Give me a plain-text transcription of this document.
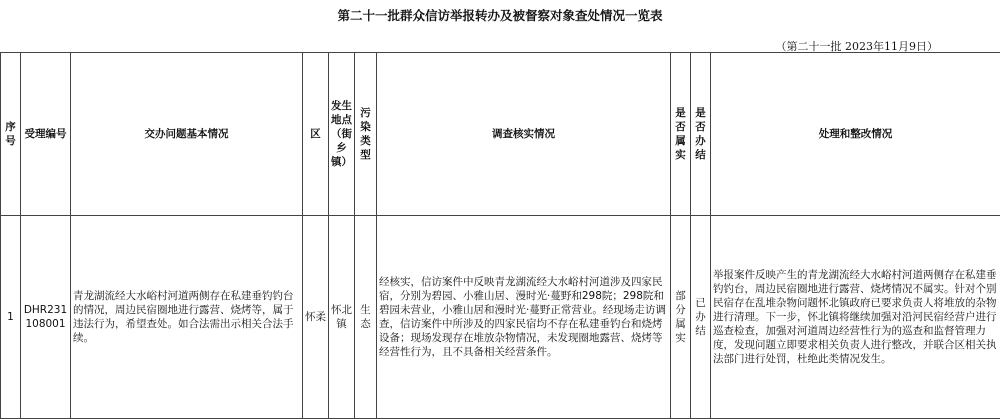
第二十一批群众信访举报转办及被督察对象查处情况一览表
（第二十一批 2023年11月9日）
序号	受理编号	交办问题基本情况	区	发生地点（街乡镇）	污染类型	调查核实情况	是否属实	是否办结	处理和整改情况
1	DHR231108001	青龙湖流经大水峪村河道两侧存在私建垂钓钓台的情况，周边民宿圈地进行露营、烧烤等，属于违法行为，希望查处。如合法需出示相关合法手续。	怀柔	怀北镇	生态	经核实，信访案件中反映青龙湖流经大水峪村河道涉及四家民宿，分别为碧园、小雅山居、漫时光·蔓野和298院；298院和碧园未营业，小雅山居和漫时光·蔓野正常营业。经现场走访调查，信访案件中所涉及的四家民宿均不存在私建垂钓台和烧烤设备；现场发现存在堆放杂物情况，未发现圈地露营、烧烤等经营性行为，且不具备相关经营条件。	部分属实	已办结	举报案件反映产生的青龙湖流经大水峪村河道两侧存在私建垂钓钓台，周边民宿圈地进行露营、烧烤情况不属实。针对个别民宿存在乱堆杂物问题怀北镇政府已要求负责人将堆放的杂物进行清理。下一步，怀北镇将继续加强对沿河民宿经营户进行巡查检查，加强对河道周边经营性行为的巡查和监督管理力度，发现问题立即要求相关负责人进行整改，并联合区相关执法部门进行处罚，杜绝此类情况发生。
